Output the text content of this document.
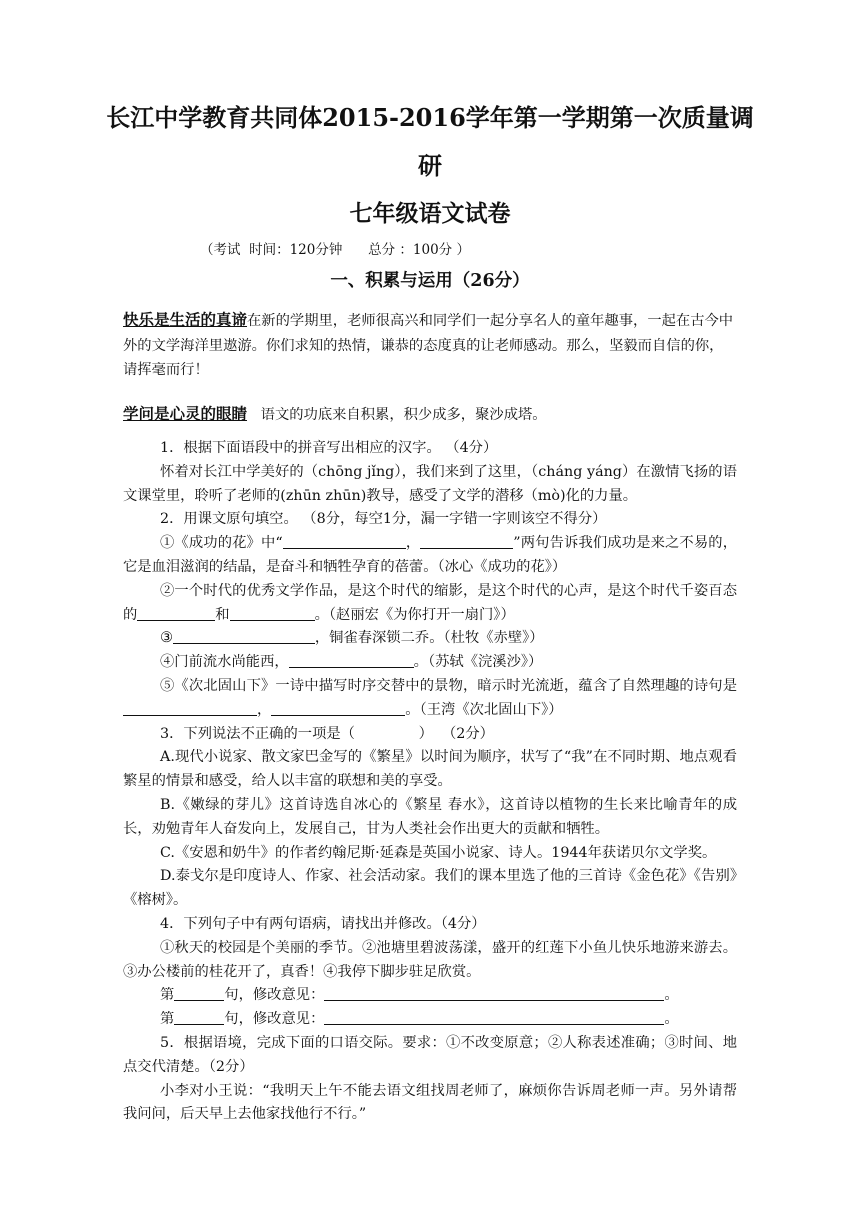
长江中学教育共同体2015-2016学年第一学期第一次质量调
研
七年级语文试卷
（考试  时间：120分钟      总分 ：100分 ）
一、积累与运用（26分）
快乐是生活的真谛在新的学期里，老师很高兴和同学们一起分享名人的童年趣事，一起在古今中外的文学海洋里遨游。你们求知的热情，谦恭的态度真的让老师感动。那么，坚毅而自信的你，请挥毫而行！
学问是心灵的眼睛   语文的功底来自积累，积少成多，聚沙成塔。

1．根据下面语段中的拼音写出相应的汉字。 （4分）

怀着对长江中学美好的（chōng jǐng），我们来到了这里，（cháng yáng）在激情飞扬的语文课堂里，聆听了老师的(zhūn zhūn)教导，感受了文学的潜移（mò)化的力量。

2．用课文原句填空。 （8分，每空1分，漏一字错一字则该空不得分）

①《成功的花》中“	，	”两句告诉我们成功是来之不易的，它是血泪滋润的结晶，是奋斗和牺牲孕育的蓓蕾。（冰心《成功的花》）

②一个时代的优秀文学作品，是这个时代的缩影，是这个时代的心声，是这个时代千姿百态的	和	。（赵丽宏《为你打开一扇门》）

③	，铜雀春深锁二乔。（杜牧《赤壁》）

④门前流水尚能西，	。（苏轼《浣溪沙》）

⑤《次北固山下》一诗中描写时序交替中的景物，暗示时光流逝，蕴含了自然理趣的诗句是，	。（王湾《次北固山下》）

3．下列说法不正确的一项是（              ）  （2分）

A.现代小说家、散文家巴金写的《繁星》以时间为顺序，状写了“我”在不同时期、地点观看繁星的情景和感受，给人以丰富的联想和美的享受。

B.《嫩绿的芽儿》这首诗选自冰心的《繁星 春水》，这首诗以植物的生长来比喻青年的成长，劝勉青年人奋发向上，发展自己，甘为人类社会作出更大的贡献和牺牲。

C.《安恩和奶牛》的作者约翰尼斯·延森是英国小说家、诗人。1944年获诺贝尔文学奖。

D.泰戈尔是印度诗人、作家、社会活动家。我们的课本里选了他的三首诗《金色花》《告别》《榕树》。

4．下列句子中有两句语病，请找出并修改。（4分）

①秋天的校园是个美丽的季节。②池塘里碧波荡漾，盛开的红莲下小鱼儿快乐地游来游去。③办公楼前的桂花开了，真香！④我停下脚步驻足欣赏。

第	句，修改意见：	。

第	句，修改意见：	。

5．根据语境，完成下面的口语交际。要求：①不改变原意；②人称表述准确；③时间、地点交代清楚。（2分）

小李对小王说：“我明天上午不能去语文组找周老师了，麻烦你告诉周老师一声。另外请帮我问问，后天早上去他家找他行不行。”
